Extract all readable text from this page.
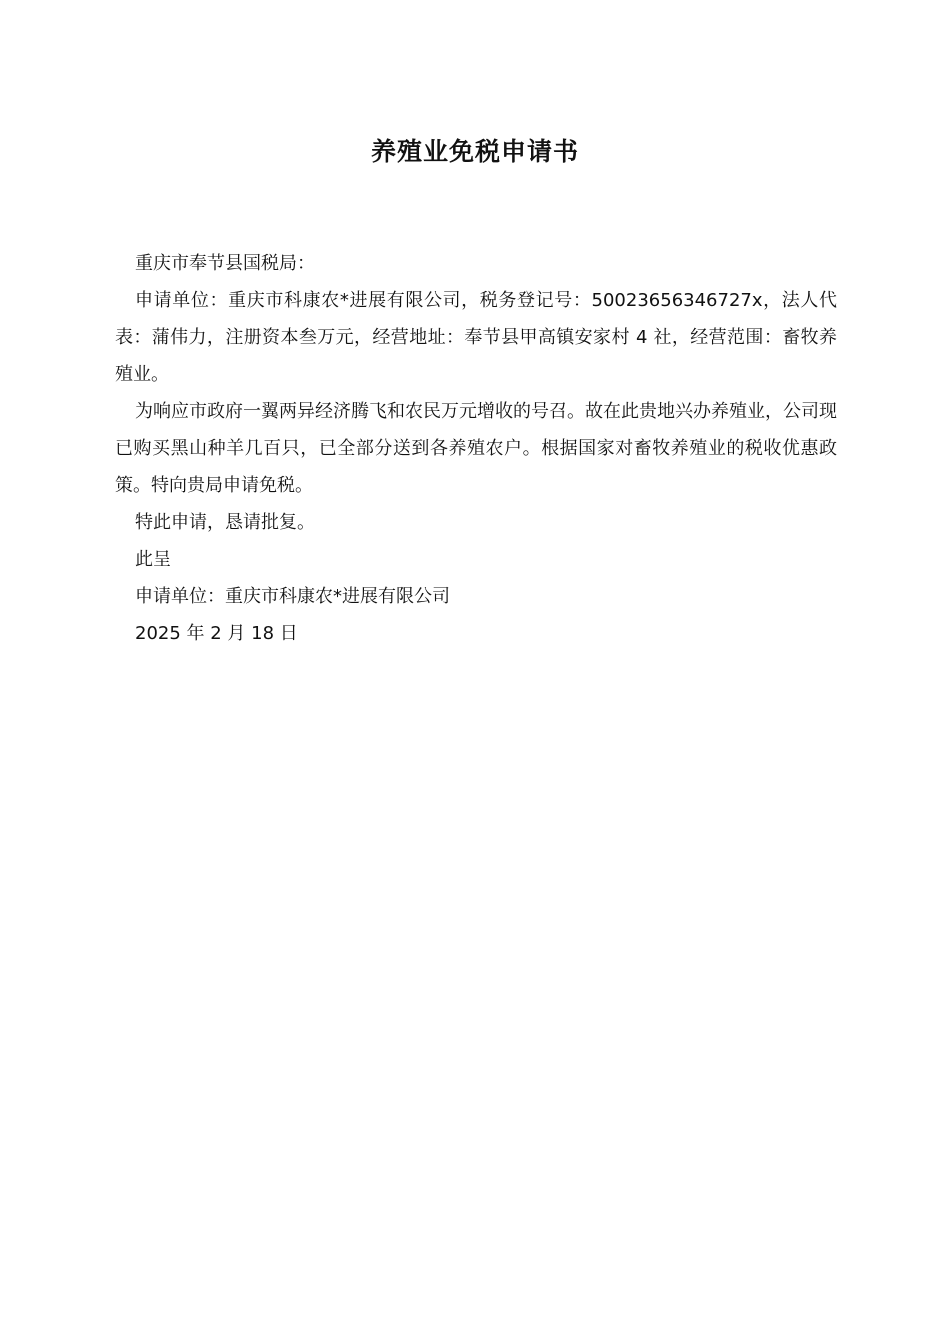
养殖业免税申请书

重庆市奉节县国税局：

申请单位：重庆市科康农*进展有限公司，税务登记号：50023656346727x，法人代表：蒲伟力，注册资本叁万元，经营地址：奉节县甲高镇安家村 4 社，经营范围：畜牧养殖业。

为响应市政府一翼两异经济腾飞和农民万元增收的号召。故在此贵地兴办养殖业，公司现已购买黑山种羊几百只，已全部分送到各养殖农户。根据国家对畜牧养殖业的税收优惠政策。特向贵局申请免税。

特此申请，恳请批复。

此呈

申请单位：重庆市科康农*进展有限公司

2025 年 2 月 18 日
